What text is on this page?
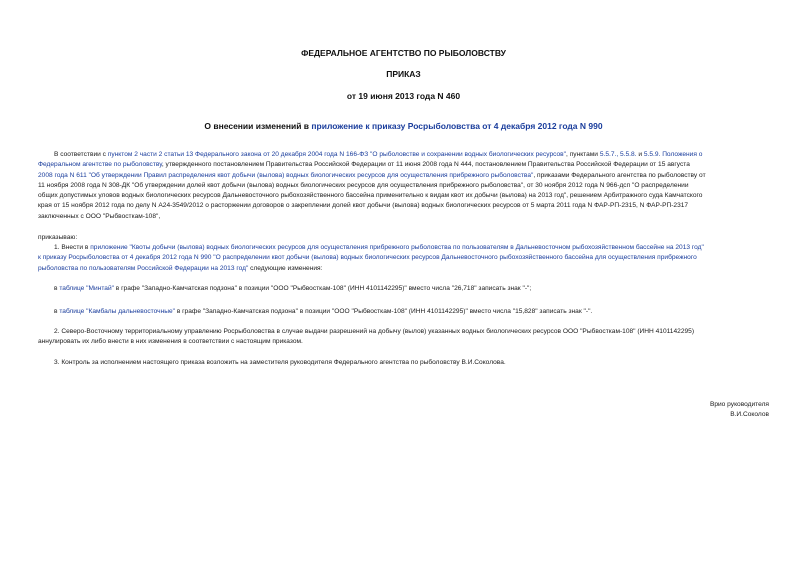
ФЕДЕРАЛЬНОЕ АГЕНТСТВО ПО РЫБОЛОВСТВУ
ПРИКАЗ
от 19 июня 2013 года N 460
О внесении изменений в приложение к приказу Росрыболовства от 4 декабря 2012 года N 990
В соответствии с пунктом 2 части 2 статьи 13 Федерального закона от 20 декабря 2004 года N 166-ФЗ "О рыболовстве и сохранении водных биологических ресурсов", пунктами 5.5.7., 5.5.8. и 5.5.9. Положения о
Федеральном агентстве по рыболовству, утвержденного постановлением Правительства Российской Федерации от 11 июня 2008 года N 444, постановлением Правительства Российской Федерации от 15 августа
2008 года N 611 "Об утверждении Правил распределения квот добычи (вылова) водных биологических ресурсов для осуществления прибрежного рыболовства", приказами Федерального агентства по рыболовству от
11 ноября 2008 года N 308-ДК "Об утверждении долей квот добычи (вылова) водных биологических ресурсов для осуществления прибрежного рыболовства", от 30 ноября 2012 года N 966-дсп "О распределении
общих допустимых уловов водных биологических ресурсов Дальневосточного рыбохозяйственного бассейна применительно к видам квот их добычи (вылова) на 2013 год", решением Арбитражного суда Камчатского
края от 15 ноября 2012 года по делу N А24-3549/2012 о расторжении договоров о закреплении долей квот добычи (вылова) водных биологических ресурсов от 5 марта 2011 года N ФАР-РП-2315, N ФАР-РП-2317
заключенных с ООО "Рыбвосткам-108",
приказываю:
1. Внести в приложение "Квоты добычи (вылова) водных биологических ресурсов для осуществления прибрежного рыболовства по пользователям в Дальневосточном рыбохозяйственном бассейне на 2013 год"
к приказу Росрыболовства от 4 декабря 2012 года N 990 "О распределении квот добычи (вылова) водных биологических ресурсов Дальневосточного рыбохозяйственного бассейна для осуществления прибрежного
рыболовства по пользователям Российской Федерации на 2013 год" следующие изменения:
в таблице "Минтай" в графе "Западно-Камчатская подзона" в позиции "ООО "Рыбвосткам-108" (ИНН 4101142295)" вместо числа "26,718" записать знак "-";
в таблице "Камбалы дальневосточные" в графе "Западно-Камчатская подзона" в позиции "ООО "Рыбвосткам-108" (ИНН 4101142295)" вместо числа "15,828" записать знак "-".
2. Северо-Восточному территориальному управлению Росрыболовства в случае выдачи разрешений на добычу (вылов) указанных водных биологических ресурсов ООО "Рыбвосткам-108" (ИНН 4101142295)
аннулировать их либо внести в них изменения в соответствии с настоящим приказом.
3. Контроль за исполнением настоящего приказа возложить на заместителя руководителя Федерального агентства по рыболовству В.И.Соколова.
Врио руководителя
В.И.Соколов
